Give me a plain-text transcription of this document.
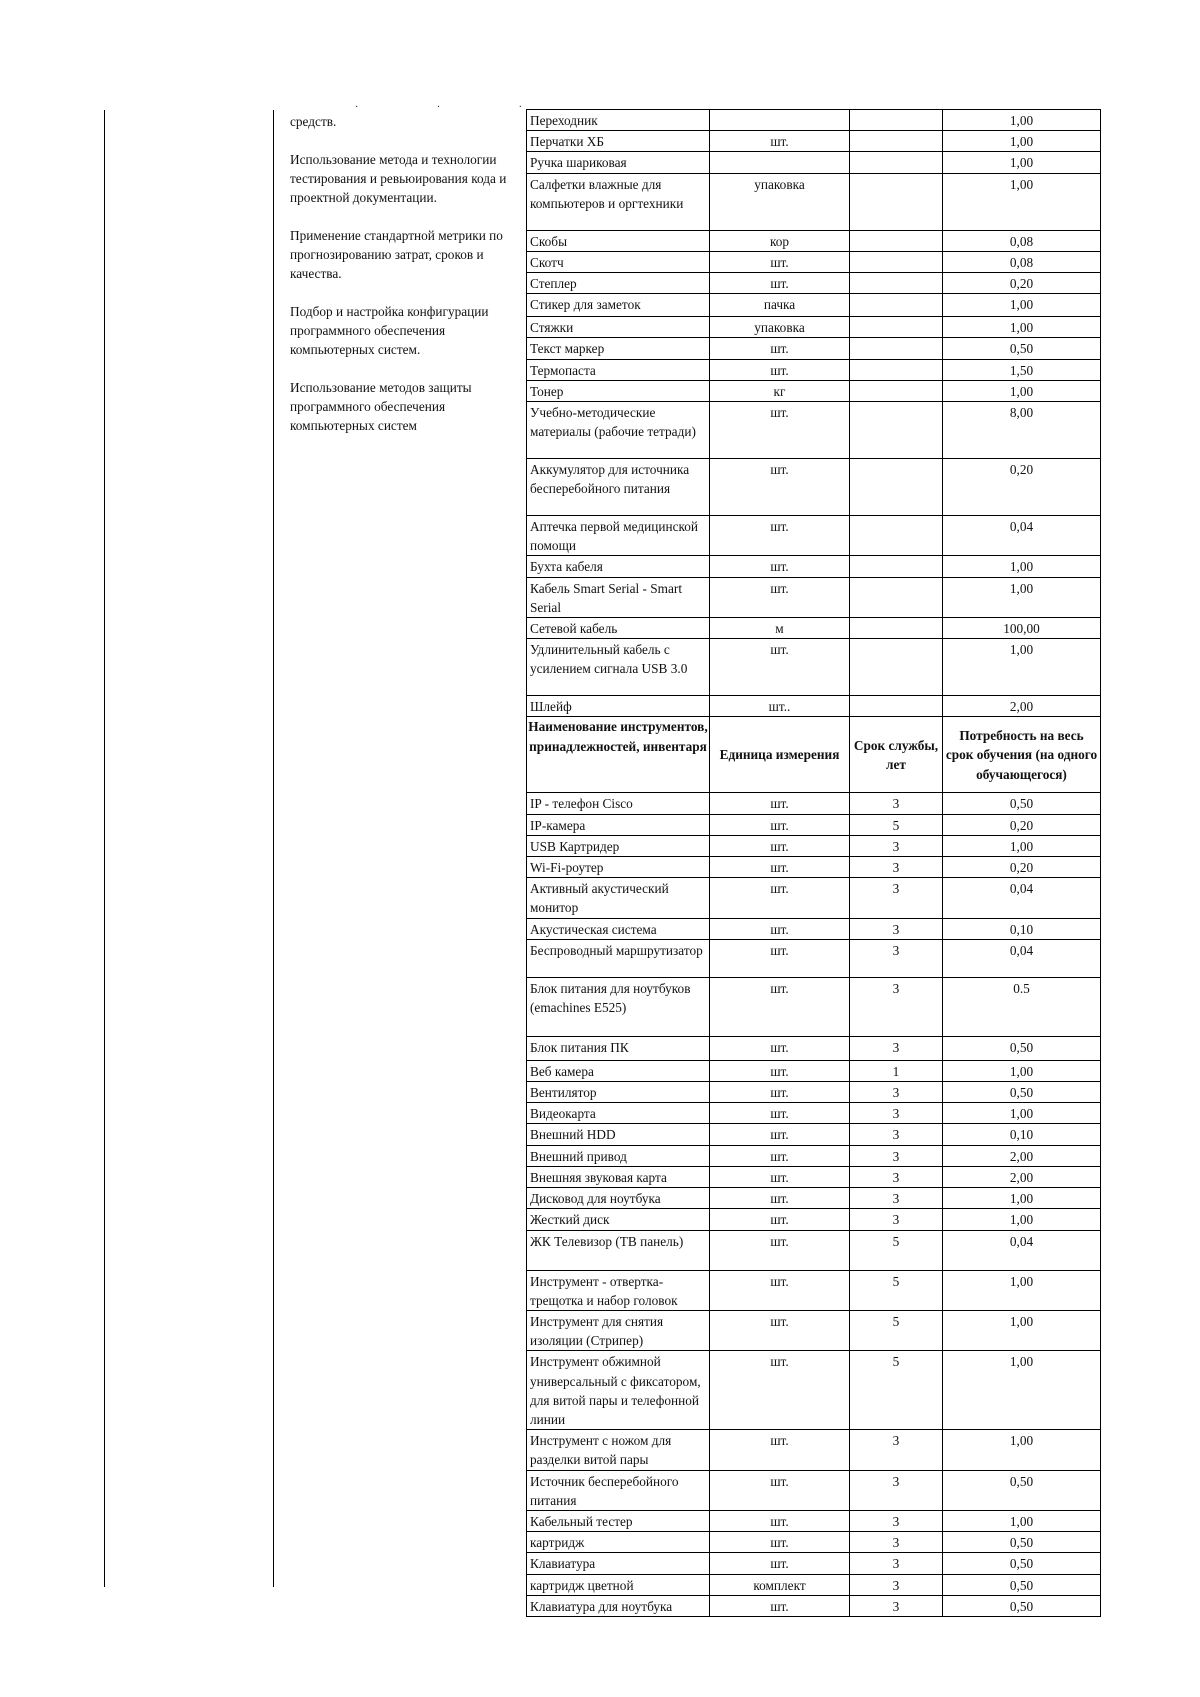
· · ·

средств.

Использование метода и технологии тестирования и ревьюирования кода и проектной документации.

Применение стандартной метрики по прогнозированию затрат, сроков и качества.

Подбор и настройка конфигурации программного обеспечения компьютерных систем.

Использование методов защиты программного обеспечения компьютерных систем

Переходник			1,00
Перчатки ХБ	шт.		1,00
Ручка шариковая			1,00
Салфетки влажные для компьютеров и оргтехники	упаковка		1,00
Скобы	кор		0,08
Скотч	шт.		0,08
Степлер	шт.		0,20
Стикер для заметок	пачка		1,00
Стяжки	упаковка		1,00
Текст маркер	шт.		0,50
Термопаста	шт.		1,50
Тонер	кг		1,00
Учебно-методические материалы (рабочие тетради)	шт.		8,00
Аккумулятор для источника бесперебойного питания	шт.		0,20
Аптечка первой медицинской помощи	шт.		0,04
Бухта кабеля	шт.		1,00
Кабель Smart Serial - Smart Serial	шт.		1,00
Сетевой кабель	м		100,00
Удлинительный кабель с усилением сигнала USB 3.0	шт.		1,00
Шлейф	шт..		2,00
Наименование инструментов, принадлежностей, инвентаря	Единица измерения	Срок службы, лет	Потребность на весь срок обучения (на одного обучающегося)
IP - телефон Cisco	шт.	3	0,50
IP-камера	шт.	5	0,20
USB Картридер	шт.	3	1,00
Wi-Fi-роутер	шт.	3	0,20
Активный акустический монитор	шт.	3	0,04
Акустическая система	шт.	3	0,10
Беспроводный маршрутизатор	шт.	3	0,04
Блок питания для ноутбуков (emachines E525)	шт.	3	0.5
Блок питания ПК	шт.	3	0,50
Веб камера	шт.	1	1,00
Вентилятор	шт.	3	0,50
Видеокарта	шт.	3	1,00
Внешний HDD	шт.	3	0,10
Внешний привод	шт.	3	2,00
Внешняя звуковая карта	шт.	3	2,00
Дисковод для ноутбука	шт.	3	1,00
Жесткий диск	шт.	3	1,00
ЖК Телевизор (ТВ панель)	шт.	5	0,04
Инструмент - отвертка-трещотка и набор головок	шт.	5	1,00
Инструмент для снятия изоляции (Стрипер)	шт.	5	1,00
Инструмент обжимной универсальный с фиксатором, для витой пары и телефонной линии	шт.	5	1,00
Инструмент с ножом для разделки витой пары	шт.	3	1,00
Источник бесперебойного питания	шт.	3	0,50
Кабельный тестер	шт.	3	1,00
картридж	шт.	3	0,50
Клавиатура	шт.	3	0,50
картридж цветной	комплект	3	0,50
Клавиатура для ноутбука	шт.	3	0,50
